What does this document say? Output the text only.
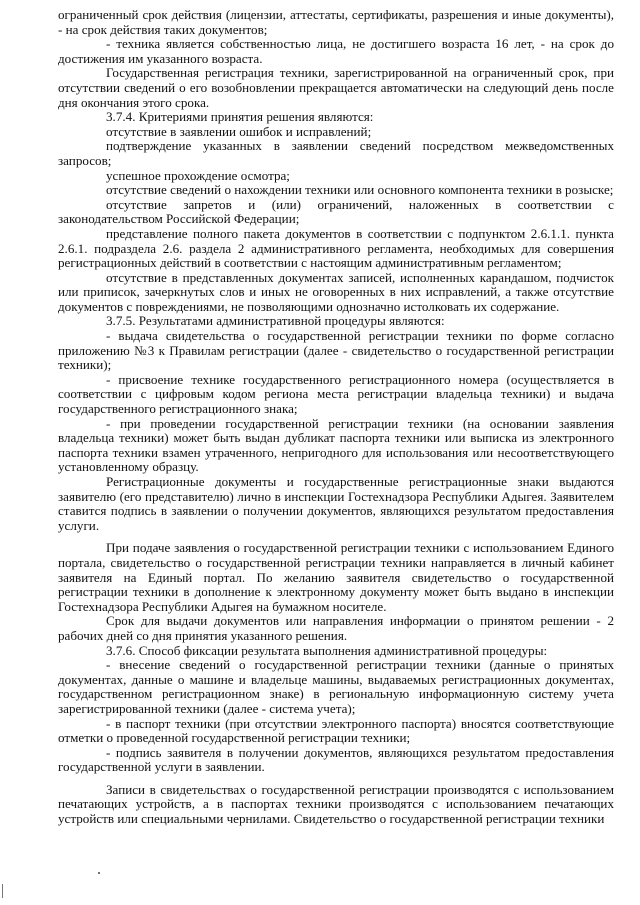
ограниченный срок действия (лицензии, аттестаты, сертификаты, разрешения и иные документы), - на срок действия таких документов;

- техника является собственностью лица, не достигшего возраста 16 лет, - на срок до достижения им указанного возраста.

Государственная регистрация техники, зарегистрированной на ограниченный срок, при отсутствии сведений о его возобновлении прекращается автоматически на следующий день после дня окончания этого срока.

3.7.4. Критериями принятия решения являются:

отсутствие в заявлении ошибок и исправлений;

подтверждение указанных в заявлении сведений посредством межведомственных запросов;

успешное прохождение осмотра;

отсутствие сведений о нахождении техники или основного компонента техники в розыске;

отсутствие запретов и (или) ограничений, наложенных в соответствии с законодательством Российской Федерации;

представление полного пакета документов в соответствии с подпунктом 2.6.1.1. пункта 2.6.1. подраздела 2.6. раздела 2 административного регламента, необходимых для совершения регистрационных действий в соответствии с настоящим административным регламентом;

отсутствие в представленных документах записей, исполненных карандашом, подчисток или приписок, зачеркнутых слов и иных не оговоренных в них исправлений, а также отсутствие документов с повреждениями, не позволяющими однозначно истолковать их содержание.

3.7.5. Результатами административной процедуры являются:

- выдача свидетельства о государственной регистрации техники по форме согласно приложению №3 к Правилам регистрации (далее - свидетельство о государственной регистрации техники);

- присвоение технике государственного регистрационного номера (осуществляется в соответствии с цифровым кодом региона места регистрации владельца техники) и выдача государственного регистрационного знака;

- при проведении государственной регистрации техники (на основании заявления владельца техники) может быть выдан дубликат паспорта техники или выписка из электронного паспорта техники взамен утраченного, непригодного для использования или несоответствующего установленному образцу.

Регистрационные документы и государственные регистрационные знаки выдаются заявителю (его представителю) лично в инспекции Гостехнадзора Республики Адыгея. Заявителем ставится подпись в заявлении о получении документов, являющихся результатом предоставления услуги.

При подаче заявления о государственной регистрации техники с использованием Единого портала, свидетельство о государственной регистрации техники направляется в личный кабинет заявителя на Единый портал. По желанию заявителя свидетельство о государственной регистрации техники в дополнение к электронному документу может быть выдано в инспекции Гостехнадзора Республики Адыгея на бумажном носителе.

Срок для выдачи документов или направления информации о принятом решении - 2 рабочих дней со дня принятия указанного решения.

3.7.6. Способ фиксации результата выполнения административной процедуры:

- внесение сведений о государственной регистрации техники (данные о принятых документах, данные о машине и владельце машины, выдаваемых регистрационных документах, государственном регистрационном знаке) в региональную информационную систему учета зарегистрированной техники (далее - система учета);

- в паспорт техники (при отсутствии электронного паспорта) вносятся соответствующие отметки о проведенной государственной регистрации техники;

- подпись заявителя в получении документов, являющихся результатом предоставления государственной услуги в заявлении.

Записи в свидетельствах о государственной регистрации производятся с использованием печатающих устройств, а в паспортах техники производятся с использованием печатающих устройств или специальными чернилами. Свидетельство о государственной регистрации техники
